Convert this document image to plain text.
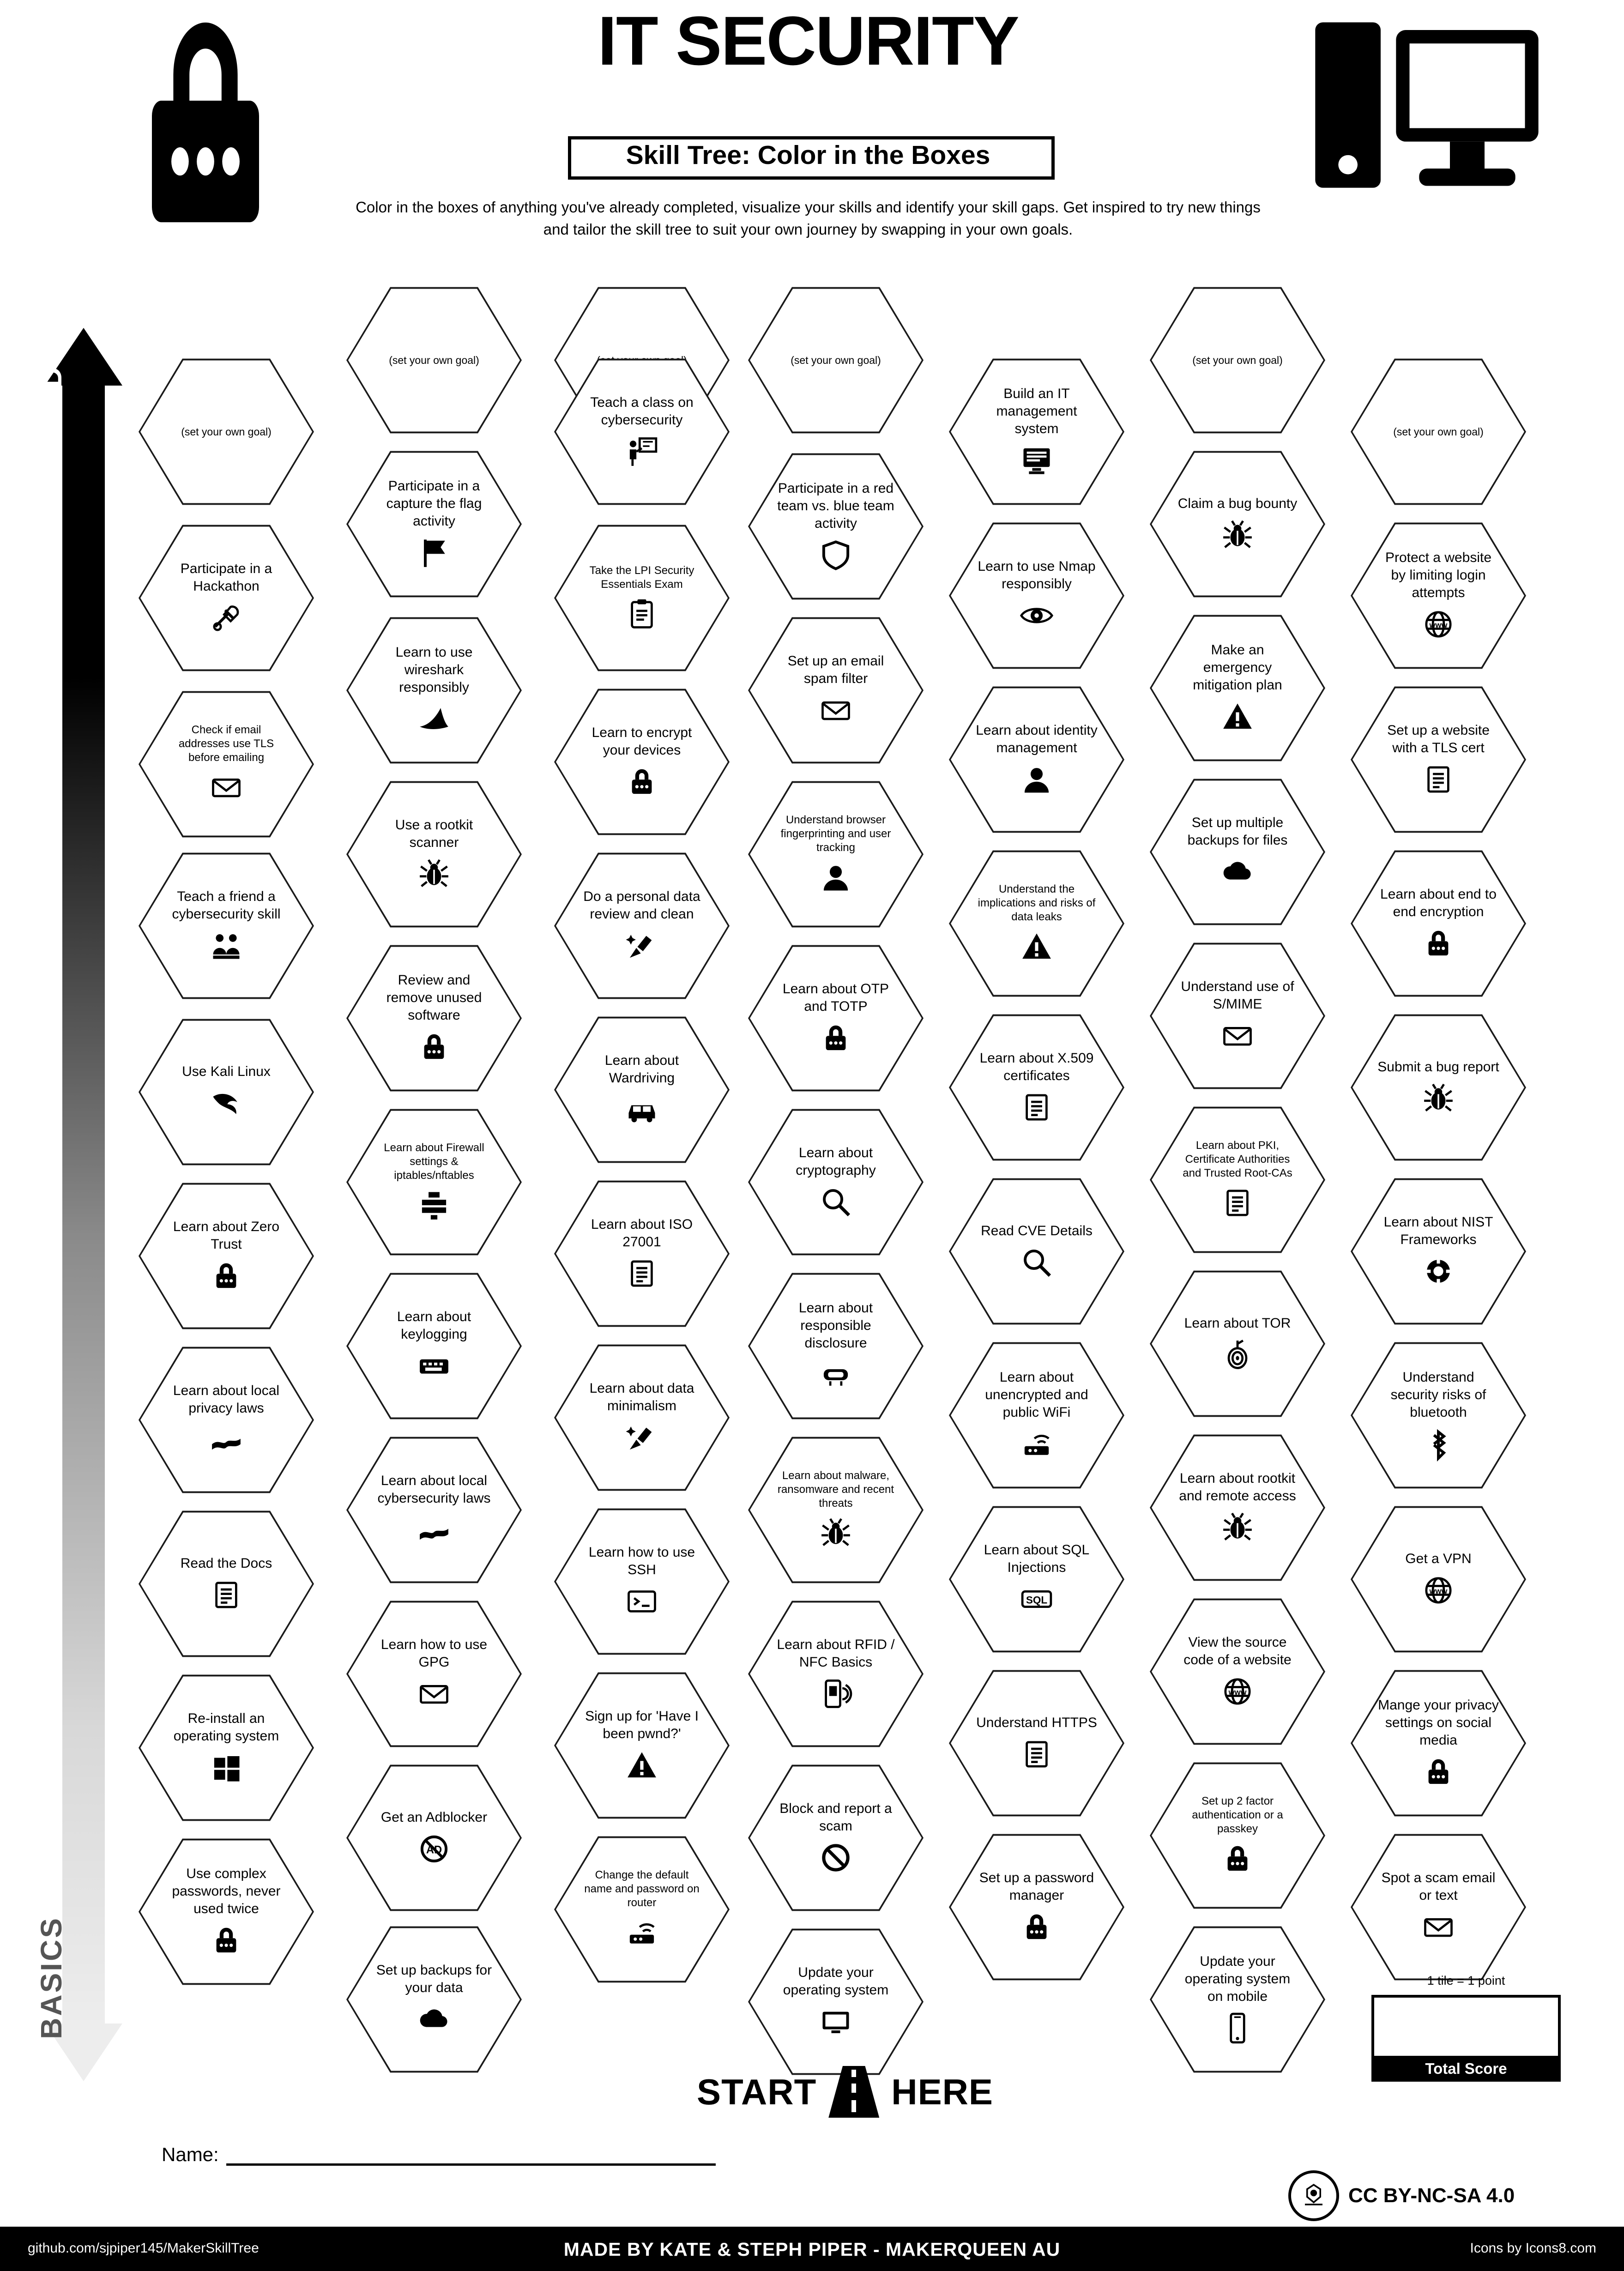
IT SECURITY
Skill Tree: Color in the Boxes
Color in the boxes of anything you've already completed, visualize your skills and identify your skill gaps. Get inspired to try new things and tailor the skill tree to suit your own journey by swapping in your own goals.
ADVANCED
BASICS
(set your own goal)
Participate in a Hackathon
Check if email addresses use TLS before emailing
Teach a friend a cybersecurity skill
Use Kali Linux
Learn about Zero Trust
Learn about local privacy laws
Read the Docs
Re-install an operating system
Use complex passwords, never used twice
(set your own goal)
Participate in a capture the flag activity
Learn to use wireshark responsibly
Use a rootkit scanner
Review and remove unused software
Learn about Firewall settings & iptables/nftables
Learn about keylogging
Learn about local cybersecurity laws
Learn how to use GPG
Get an Adblocker
AD
Set up backups for your data
Teach a class on cybersecurity
Take the LPI Security Essentials Exam
Learn to encrypt your devices
Do a personal data review and clean
Learn about Wardriving
Learn about ISO 27001
Learn about data minimalism
Learn how to use SSH
Sign up for 'Have I been pwnd?'
Change the default name and password on router
(set your own goal)
Participate in a red team vs. blue team activity
Set up an email spam filter
Understand browser fingerprinting and user tracking
Learn about OTP and TOTP
Learn about cryptography
Learn about responsible disclosure
Learn about malware, ransomware and recent threats
Learn about RFID / NFC Basics
Block and report a scam
Update your operating system
Build an IT management system
Learn to use Nmap responsibly
Learn about identity management
Understand the implications and risks of data leaks
Learn about X.509 certificates
Read CVE Details
Learn about unencrypted and public WiFi
Learn about SQL Injections
SQL
Understand HTTPS
Set up a password manager
(set your own goal)
Claim a bug bounty
Make an emergency mitigation plan
Set up multiple backups for files
Understand use of S/MIME
Learn about PKI, Certificate Authorities and Trusted Root-CAs
Learn about TOR
Learn about rootkit and remote access
View the source code of a website
www
Set up 2 factor authentication or a passkey
Update your operating system on mobile
(set your own goal)
Protect a website by limiting login attempts
www
Set up a website with a TLS cert
Learn about end to end encryption
Submit a bug report
Learn about NIST Frameworks
Understand security risks of bluetooth
Get a VPN
www
Mange your privacy settings on social media
Spot a scam email or text
START HERE
1 tile = 1 point
Total Score
Name:
CC BY-NC-SA 4.0
github.com/sjpiper145/MakerSkillTree	MADE BY KATE & STEPH PIPER - MAKERQUEEN AU	Icons by Icons8.com
